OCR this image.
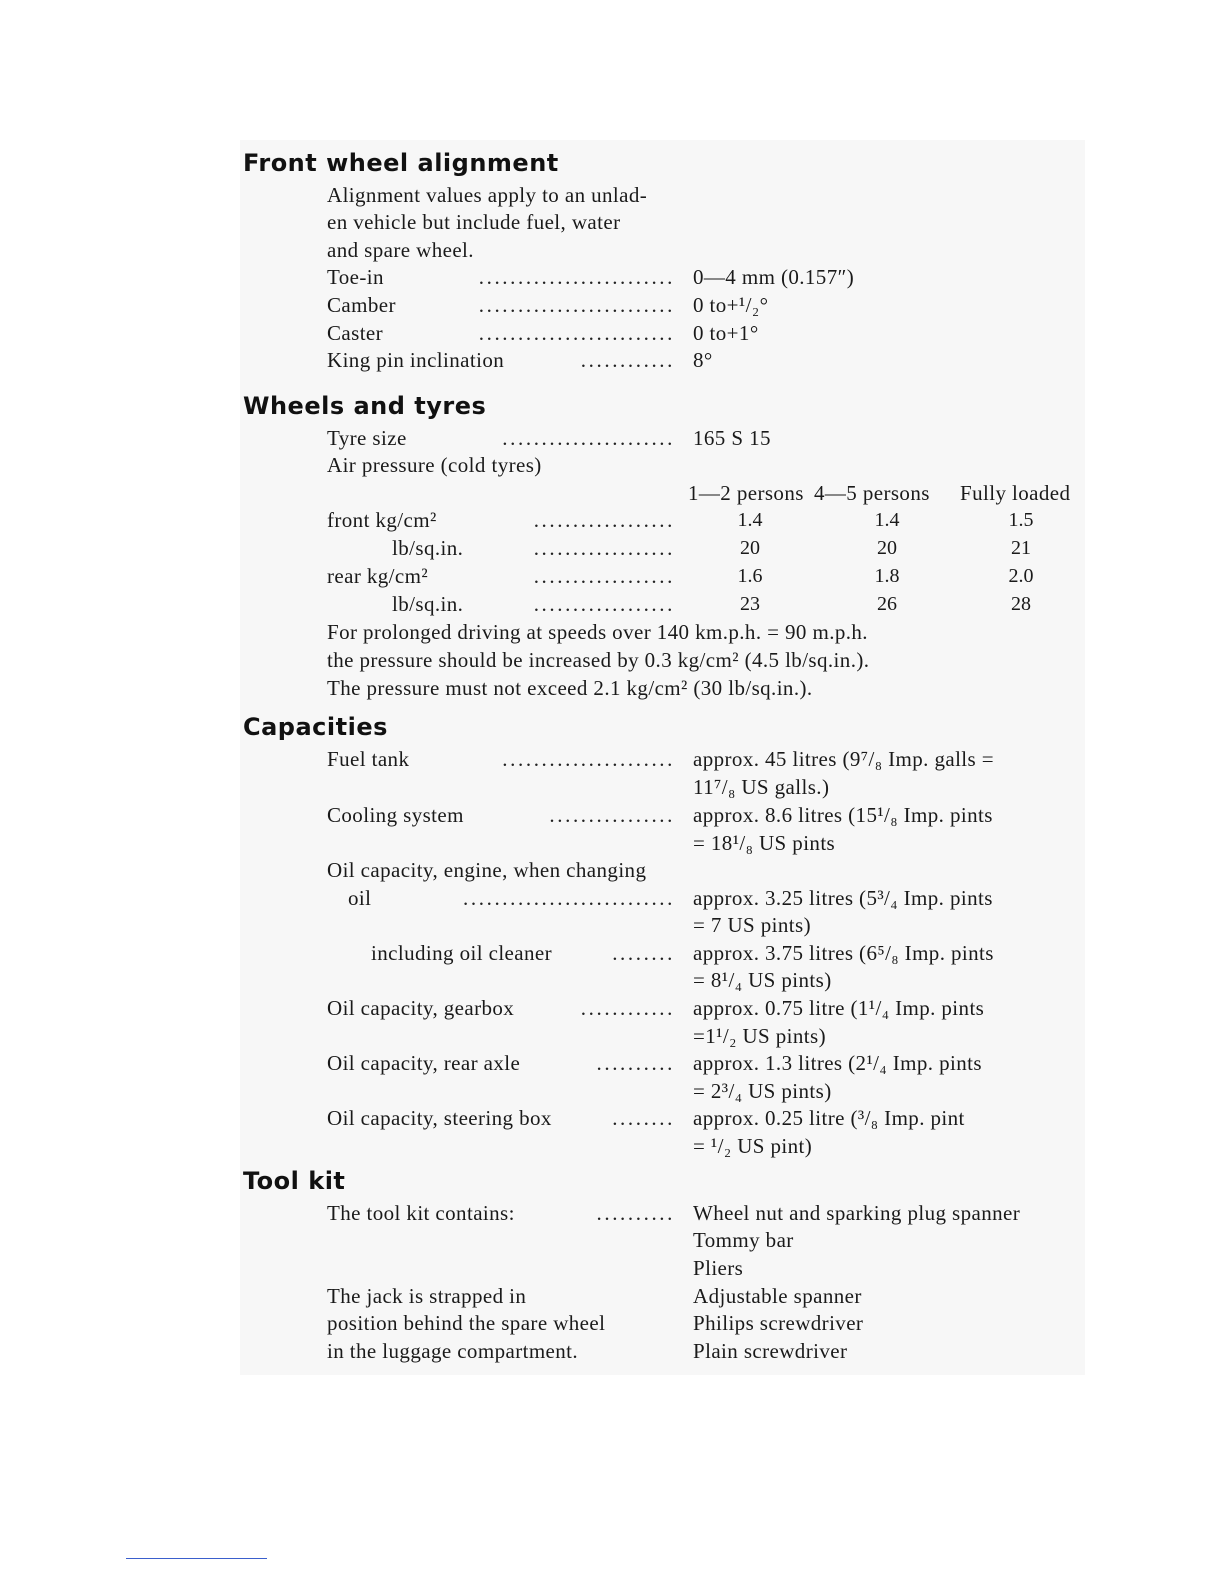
Front wheel alignment
Alignment values apply to an unlad-
en vehicle but include fuel, water
and spare wheel.
Toe-in	......................... 0—4 mm (0.157″)
Camber	......................... 0 to+¹/₂°
Caster	......................... 0 to+1°
King pin inclination	............ 8°
Wheels and tyres
Tyre size	...................... 165 S 15
Air pressure (cold tyres)
1—2 persons 4—5 persons Fully loaded
front kg/cm²	..................	1.4	1.4	1.5
lb/sq.in.	..................	20	20	21
rear kg/cm²	..................	1.6	1.8	2.0
lb/sq.in.	..................	23	26	28
For prolonged driving at speeds over 140 km.p.h. = 90 m.p.h.
the pressure should be increased by 0.3 kg/cm² (4.5 lb/sq.in.).
The pressure must not exceed 2.1 kg/cm² (30 lb/sq.in.).
Capacities
Fuel tank	...................... approx. 45 litres (9⁷/₈ Imp. galls =
11⁷/₈ US galls.)
Cooling system	................ approx. 8.6 litres (15¹/₈ Imp. pints
= 18¹/₈ US pints
Oil capacity, engine, when changing
oil	........................... approx. 3.25 litres (5³/₄ Imp. pints
= 7 US pints)
including oil cleaner	........ approx. 3.75 litres (6⁵/₈ Imp. pints
= 8¹/₄ US pints)
Oil capacity, gearbox	............ approx. 0.75 litre (1¹/₄ Imp. pints
=1¹/₂ US pints)
Oil capacity, rear axle	.......... approx. 1.3 litres (2¹/₄ Imp. pints
= 2³/₄ US pints)
Oil capacity, steering box	........ approx. 0.25 litre (³/₈ Imp. pint
= ¹/₂ US pint)
Tool kit
The tool kit contains:	.......... Wheel nut and sparking plug spanner
Tommy bar
Pliers
Adjustable spanner
Philips screwdriver
Plain screwdriver
The jack is strapped in
position behind the spare wheel
in the luggage compartment.
